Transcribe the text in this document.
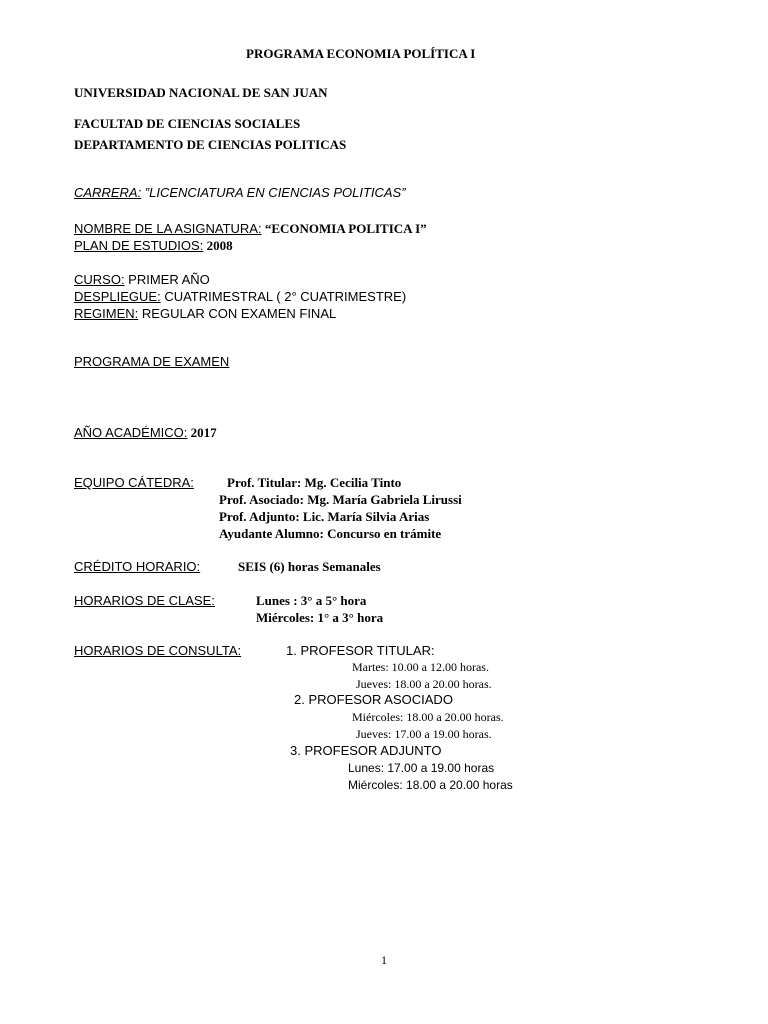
PROGRAMA ECONOMIA POLÍTICA I
UNIVERSIDAD NACIONAL DE SAN JUAN
FACULTAD DE CIENCIAS SOCIALES
DEPARTAMENTO DE CIENCIAS POLITICAS
CARRERA: ”LICENCIATURA EN CIENCIAS POLITICAS”
NOMBRE DE LA ASIGNATURA: “ECONOMIA POLITICA I”
PLAN DE ESTUDIOS: 2008
CURSO: PRIMER AÑO
DESPLIEGUE: CUATRIMESTRAL ( 2° CUATRIMESTRE)
REGIMEN: REGULAR CON EXAMEN FINAL
PROGRAMA DE EXAMEN
AÑO ACADÉMICO: 2017
EQUIPO CÁTEDRA:	Prof. Titular: Mg. Cecilia Tinto
Prof. Asociado: Mg. María Gabriela Lirussi
Prof. Adjunto: Lic. María Silvia Arias
Ayudante Alumno: Concurso en trámite
CRÉDITO HORARIO:	SEIS (6) horas Semanales
HORARIOS DE CLASE:	Lunes : 3° a 5° hora
Miércoles: 1° a 3° hora
HORARIOS DE CONSULTA:	1. PROFESOR TITULAR:
Martes: 10.00 a 12.00 horas.
Jueves: 18.00 a 20.00 horas.
2. PROFESOR ASOCIADO
Miércoles: 18.00 a 20.00 horas.
Jueves: 17.00 a 19.00 horas.
3. PROFESOR ADJUNTO
Lunes: 17.00 a 19.00 horas
Miércoles: 18.00 a 20.00 horas
1
